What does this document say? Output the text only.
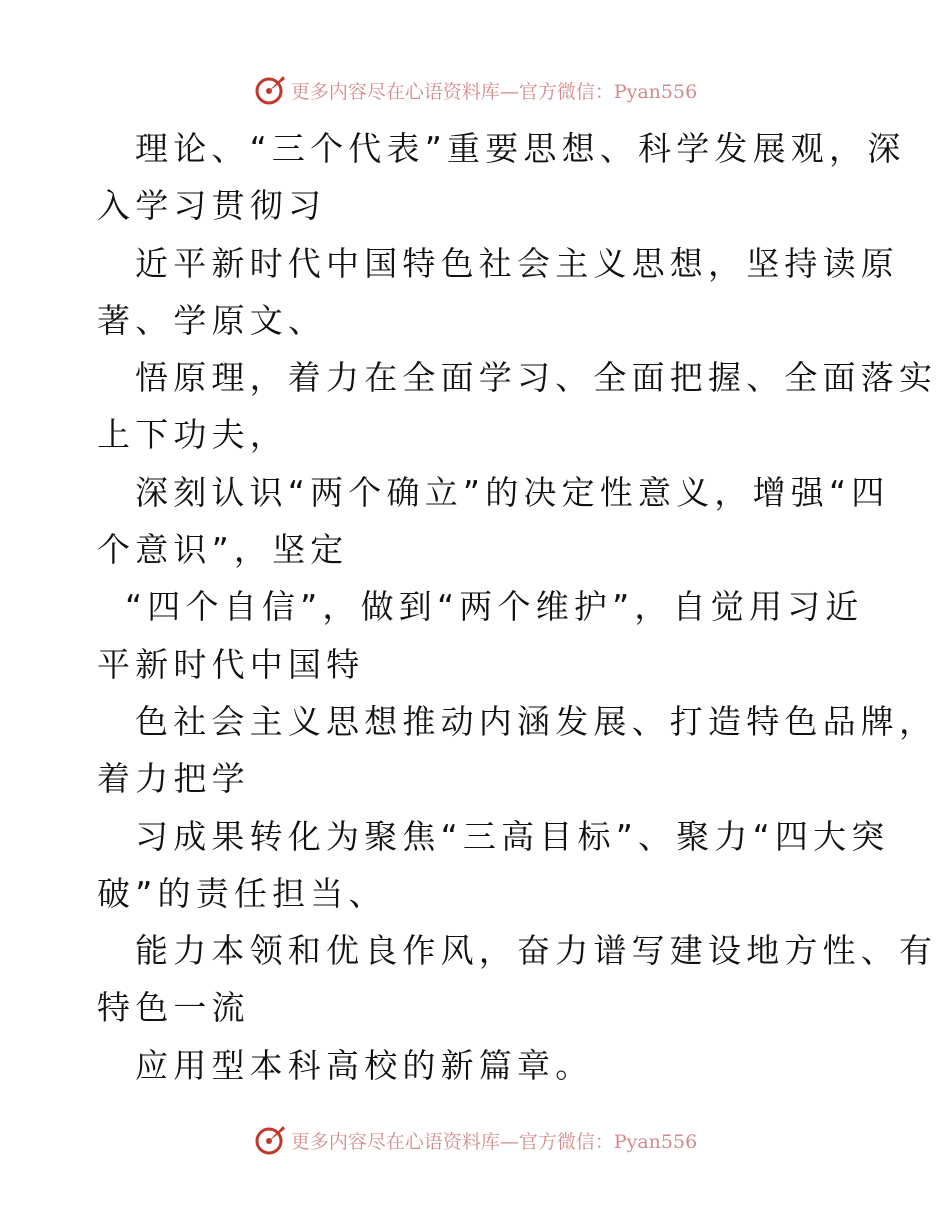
更多内容尽在心语资料库—官方微信：Pyan556
理论、“三个代表”重要思想、科学发展观，深
入学习贯彻习
近平新时代中国特色社会主义思想，坚持读原
著、学原文、
悟原理，着力在全面学习、全面把握、全面落实
上下功夫，
深刻认识“两个确立”的决定性意义，增强“四
个意识”，坚定
“四个自信”，做到“两个维护”，自觉用习近
平新时代中国特
色社会主义思想推动内涵发展、打造特色品牌，
着力把学
习成果转化为聚焦“三高目标”、聚力“四大突
破”的责任担当、
能力本领和优良作风，奋力谱写建设地方性、有
特色一流
应用型本科高校的新篇章。
更多内容尽在心语资料库—官方微信：Pyan556
